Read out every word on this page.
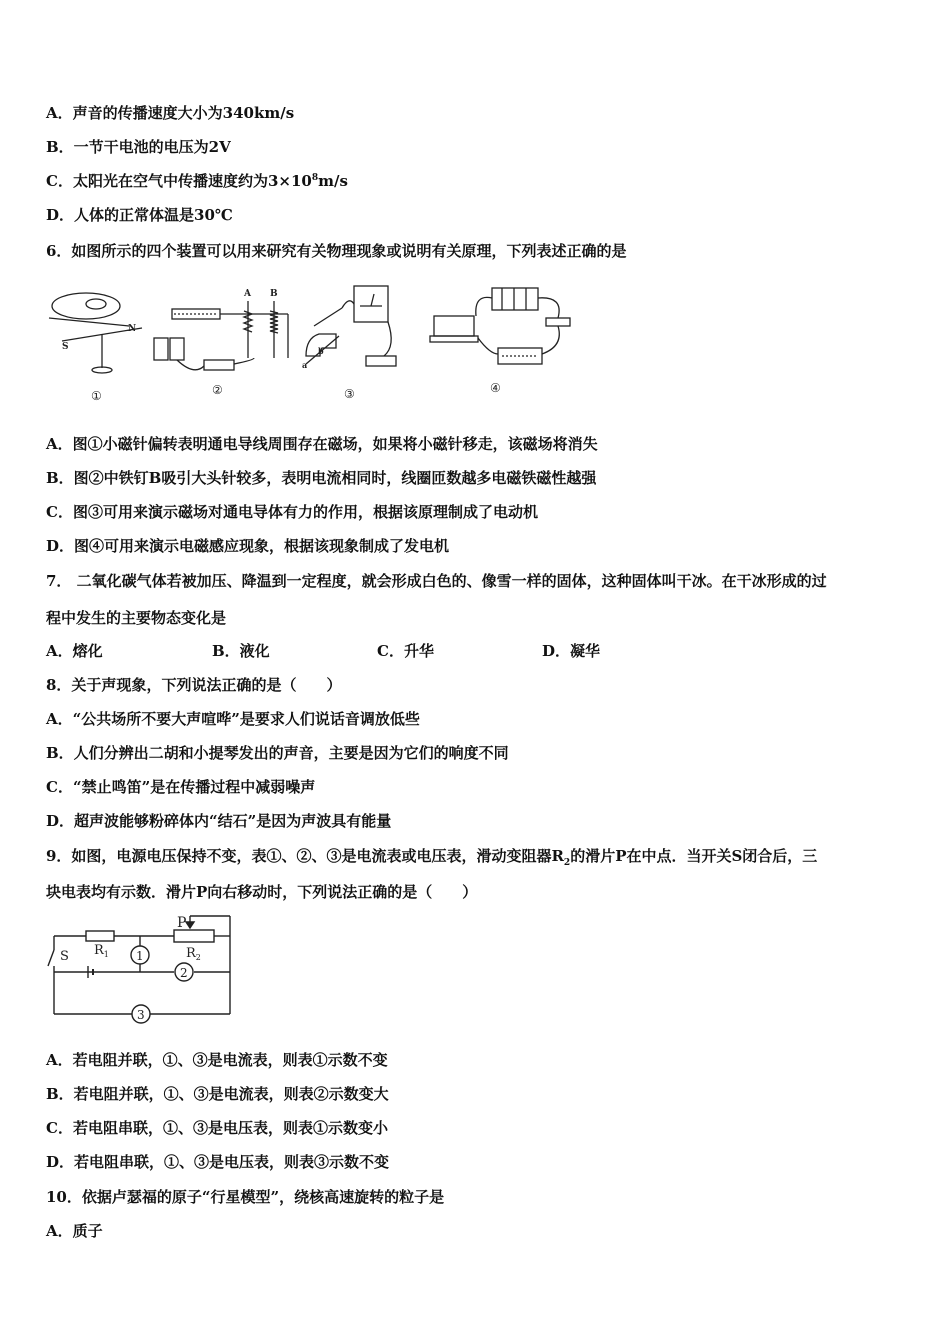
A．声音的传播速度大小为340km/s
B．一节干电池的电压为2V
C．太阳光在空气中传播速度约为$3\times 10^8m/s$
D．人体的正常体温是30℃
6．如图所示的四个装置可以用来研究有关物理现象或说明有关原理，下列表述正确的是
S
N
①
A B
②
b
a
③	④
A．图①小磁针偏转表明通电导线周围存在磁场，如果将小磁针移走，该磁场将消失
B．图②中铁钉B吸引大头针较多，表明电流相同时，线圈匝数越多电磁铁磁性越强
C．图③可用来演示磁场对通电导体有力的作用，根据该原理制成了电动机
D．图④可用来演示电磁感应现象，根据该现象制成了发电机
7． 二氧化碳气体若被加压、降温到一定程度，就会形成白色的、像雪一样的固体，这种固体叫干冰。在干冰形成的过
程中发生的主要物态变化是
A．熔化	B．液化	C．升华	D．凝华
8．关于声现象，下列说法正确的是（　　）
A．“公共场所不要大声喧哗”是要求人们说话音调放低些
B．人们分辨出二胡和小提琴发出的声音，主要是因为它们的响度不同
C．“禁止鸣笛”是在传播过程中减弱噪声
D．超声波能够粉碎体内“结石”是因为声波具有能量
9．如图，电源电压保持不变，表①、②、③是电流表或电压表，滑动变阻器$R_2$的滑片P在中点．当开关S闭合后，三
块电表均有示数．滑片P向右移动时，下列说法正确的是（　　）
P
S $R_1$	$R_2$
1
2
3
A．若电阻并联，①、③是电流表，则表①示数不变
B．若电阻并联，①、③是电流表，则表②示数变大
C．若电阻串联，①、③是电压表，则表①示数变小
D．若电阻串联，①、③是电压表，则表③示数不变
10．依据卢瑟福的原子“行星模型”，绕核高速旋转的粒子是
A．质子
